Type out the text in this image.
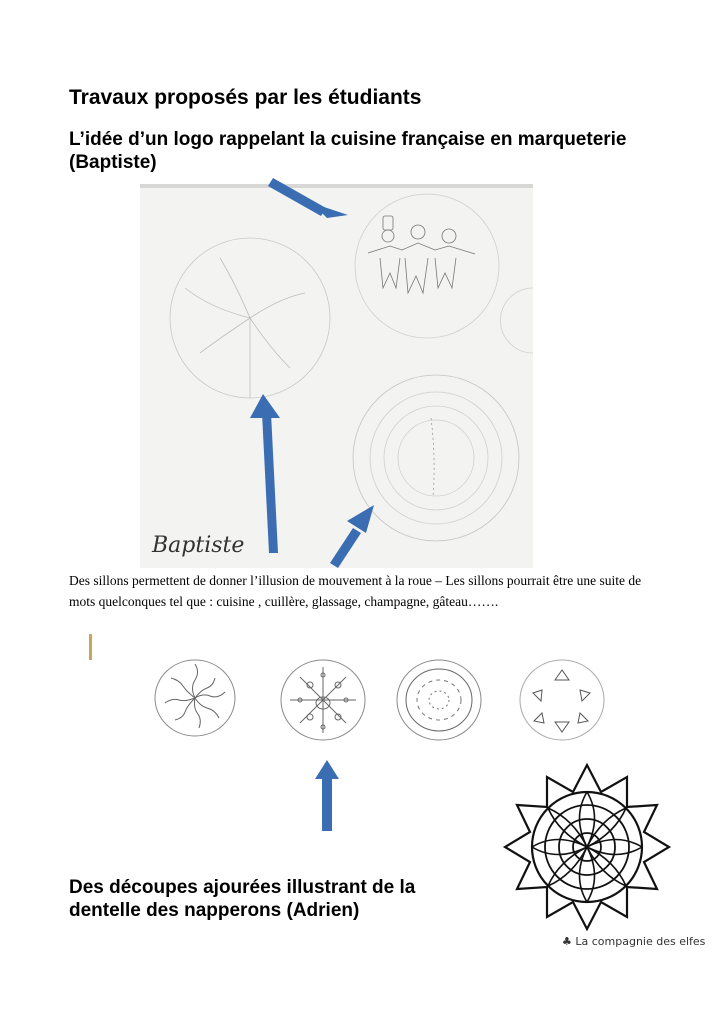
Travaux proposés par les étudiants
L’idée d’un logo rappelant la cuisine française en marqueterie (Baptiste)
Baptiste

Des sillons permettent de donner l’illusion de mouvement à la roue – Les sillons pourrait être une suite de mots quelconques tel que : cuisine , cuillère, glassage, champagne, gâteau…….

Des découpes ajourées illustrant de la dentelle des napperons (Adrien)
♣ La compagnie des elfes
